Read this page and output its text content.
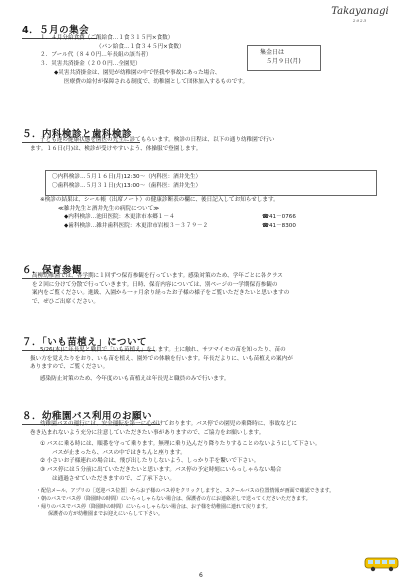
Takayanagi
2023
4．５月の集会
１．４月分給食費（ご飯給食…１食３１５円×食数）
（パン給食…１食３４５円×食数）
２．ブール代（８４０円…年長組の該当者）
３．災害共済掛金（２００円…全園児）
◆災害共済掛金は、園児が幼稚園の中で怪我や事故にあった場合、
医療費の給付が保障される制度で、幼稚園として団体加入するものです。
集金日は
５月９日(月)
５．内科検診と歯科検診
子ども達の健康状態を園医の先生に診てもらいます。検診の日程は、以下の通り幼稚園で行い
ます。１６日(月)は、検診が受けやすいよう、体操服で登園します。
〇内科検診…５月１６日(月)12:30～（内科医：酒井先生）
〇歯科検診…５月３１日(火)13:00～（歯科医：酒井先生）
※検診の結果は、シール帳（出席ノート）の健康診断表の欄に、後日記入してお知らせします。
≪雑井先生と酒井先生の病院について≫
◆内科検診…池田医院：木更津市本郷１－４	☎41－0766
◆歯科検診…雑井歯科医院：木更津市岩根３－３７９－２	☎41－8300
６．保育参観
高柳幼稚園では、各学期に１回ずつ保育参観を行っています。感染対策のため、学年ごとに各クラス
を２回に分けて分散で行っていきます。日時、保育内容については、別ページの一学期保育参観の
案内をご覧ください。進級、入園から一ヶ月余り経ったお子様の様子をご覧いただきたいと思いますの
で、ぜひご出席ください。
７．「いも苗植え」について
5/26(木)に年長児と職員で「いも苗植え」をします。土に触れ、サツマイモの苗を知ったり、苗の
扱い方を覚えたりをおり、いも苗を植え、園外での体験を行います。年長だよりに、いも苗植えの案内が
ありますので、ご覧ください。
感染防止対策のため、今年度のいも苗植えは年長児と職員のみで行います。
８．幼稚園バス利用のお願い
幼稚園バスの運行には、安全運転を第一に心がけております。バス停での園児の乗降時に、事故などに
巻き込まれないよう充分に注意していただきたい事がありますので、ご協力をお願いします。
① バスに乗る時には、順番を守って乗ります。無理に乗り込んだり降りたりすることのないようにして下さい。
バスが止まったら、バスの中ではきちんと座ります。
② 小さいお子様連れの場合は、飛び出したりしないよう、しっかり手を繋いで下さい。
③ バス停には５分前に出ていただきたいと思います。バス停の予定時刻にいらっしゃらない場合
は通過させていただきますので、ご了承下さい。
・配信メール、アプリの［送迎バス位置］からお子様のバス停をクリックしますと、スクールバスの位置情報が画面で確認できます。
・朝のバスでバス停（降園時の時間）にいらっしゃらない場合は、保護者の方にお連絡差しで送ってくださいただきます。
・帰りのバスでバス停（降園時の時間）にいらっしゃらない場合は、お子様を幼稚園に連れて戻ります。
保護者の方が幼稚園までお迎えにいらして下さい。
6
